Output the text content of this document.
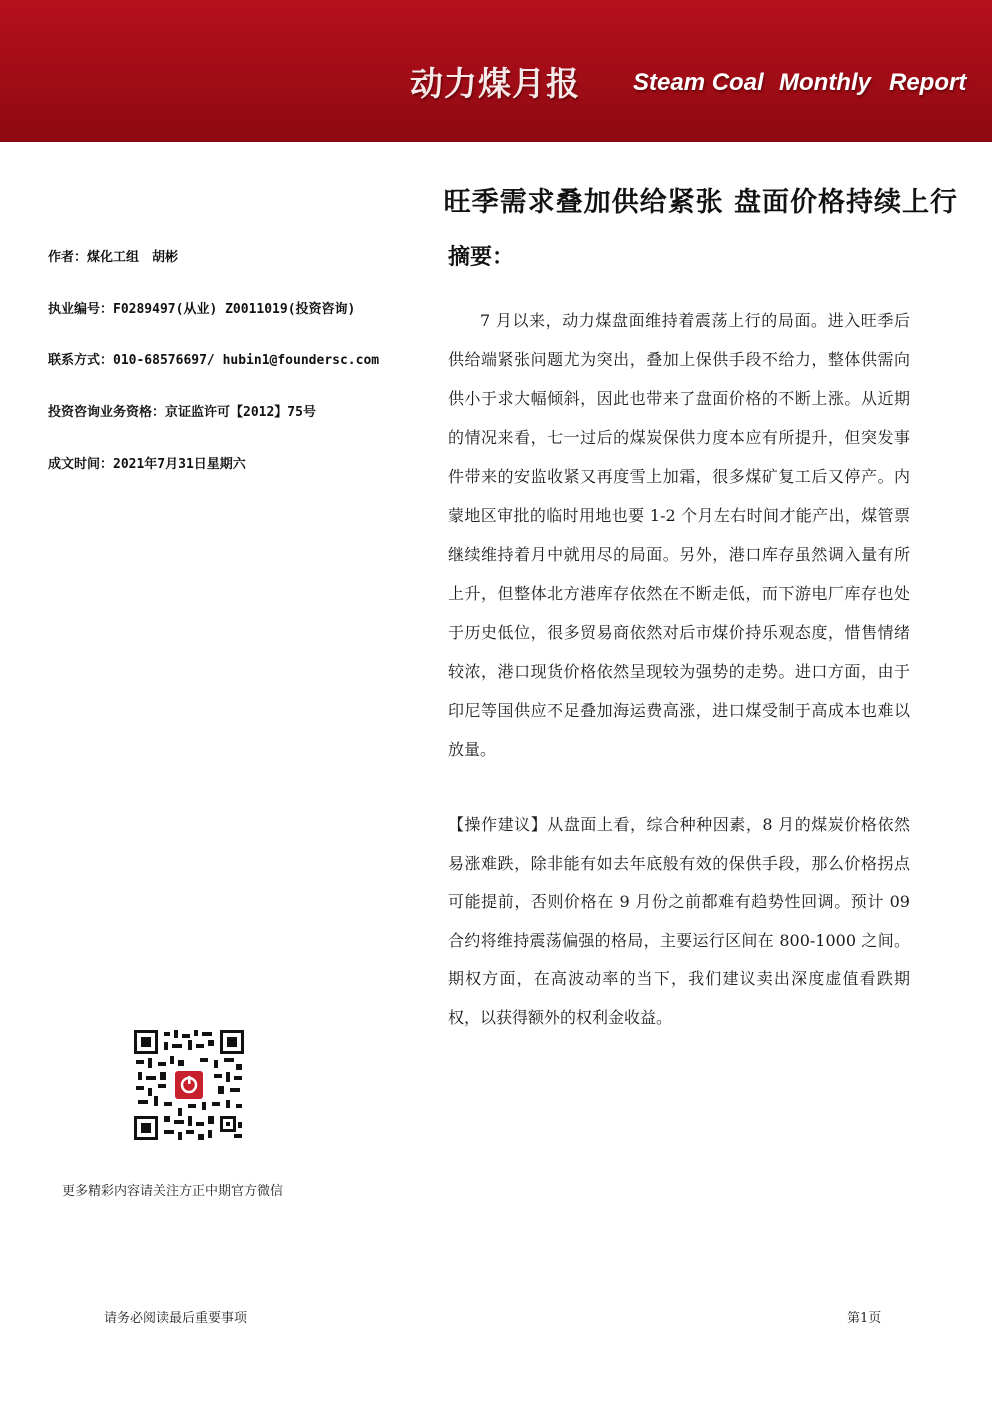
动力煤月报 Steam Coal Monthly Report
旺季需求叠加供给紧张 盘面价格持续上行
作者：煤化工组　胡彬
执业编号：F0289497(从业) Z0011019(投资咨询)
联系方式：010-68576697/ hubin1@foundersc.com
投资咨询业务资格：京证监许可【2012】75号
成文时间：2021年7月31日星期六
摘要：

7 月以来，动力煤盘面维持着震荡上行的局面。进入旺季后供给端紧张问题尤为突出，叠加上保供手段不给力，整体供需向供小于求大幅倾斜，因此也带来了盘面价格的不断上涨。从近期的情况来看，七一过后的煤炭保供力度本应有所提升，但突发事件带来的安监收紧又再度雪上加霜，很多煤矿复工后又停产。内蒙地区审批的临时用地也要 1-2 个月左右时间才能产出，煤管票继续维持着月中就用尽的局面。另外，港口库存虽然调入量有所上升，但整体北方港库存依然在不断走低，而下游电厂库存也处于历史低位，很多贸易商依然对后市煤价持乐观态度，惜售情绪较浓，港口现货价格依然呈现较为强势的走势。进口方面，由于印尼等国供应不足叠加海运费高涨，进口煤受制于高成本也难以放量。

【操作建议】从盘面上看，综合种种因素，8 月的煤炭价格依然易涨难跌，除非能有如去年底般有效的保供手段，那么价格拐点可能提前，否则价格在 9 月份之前都难有趋势性回调。预计 09 合约将维持震荡偏强的格局，主要运行区间在 800-1000 之间。期权方面，在高波动率的当下，我们建议卖出深度虚值看跌期权，以获得额外的权利金收益。

更多精彩内容请关注方正中期官方微信
请务必阅读最后重要事项	第1页
